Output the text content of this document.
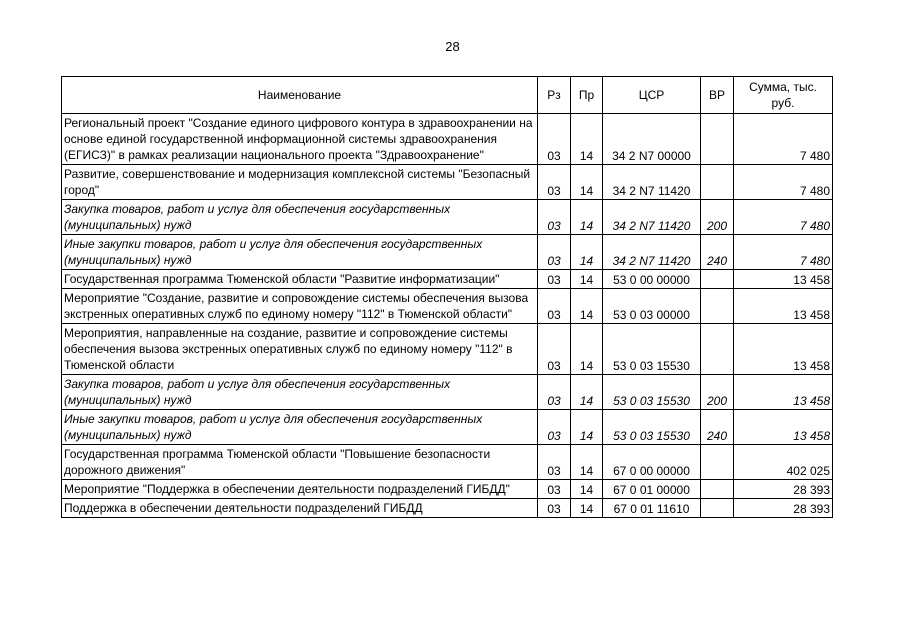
28
Наименование	Рз	Пр	ЦСР	ВР	Сумма, тыс. руб.
Региональный проект "Создание единого цифрового контура в здравоохранении на основе единой государственной информационной системы здравоохранения (ЕГИСЗ)" в рамках реализации национального проекта "Здравоохранение"	03	14	34 2 N7 00000		7 480
Развитие, совершенствование и модернизация комплексной системы "Безопасный город"	03	14	34 2 N7 11420		7 480
Закупка товаров, работ и услуг для обеспечения государственных (муниципальных) нужд	03	14	34 2 N7 11420	200	7 480
Иные закупки товаров, работ и услуг для обеспечения государственных (муниципальных) нужд	03	14	34 2 N7 11420	240	7 480
Государственная программа Тюменской области "Развитие информатизации"	03	14	53 0 00 00000		13 458
Мероприятие "Создание, развитие и сопровождение системы обеспечения вызова экстренных оперативных служб по единому номеру "112" в Тюменской области"	03	14	53 0 03 00000		13 458
Мероприятия, направленные на создание, развитие и сопровождение системы обеспечения вызова экстренных оперативных служб по единому номеру "112" в Тюменской области	03	14	53 0 03 15530		13 458
Закупка товаров, работ и услуг для обеспечения государственных (муниципальных) нужд	03	14	53 0 03 15530	200	13 458
Иные закупки товаров, работ и услуг для обеспечения государственных (муниципальных) нужд	03	14	53 0 03 15530	240	13 458
Государственная программа Тюменской области "Повышение безопасности дорожного движения"	03	14	67 0 00 00000		402 025
Мероприятие "Поддержка в обеспечении деятельности подразделений ГИБДД"	03	14	67 0 01 00000		28 393
Поддержка в обеспечении деятельности подразделений ГИБДД	03	14	67 0 01 11610		28 393
